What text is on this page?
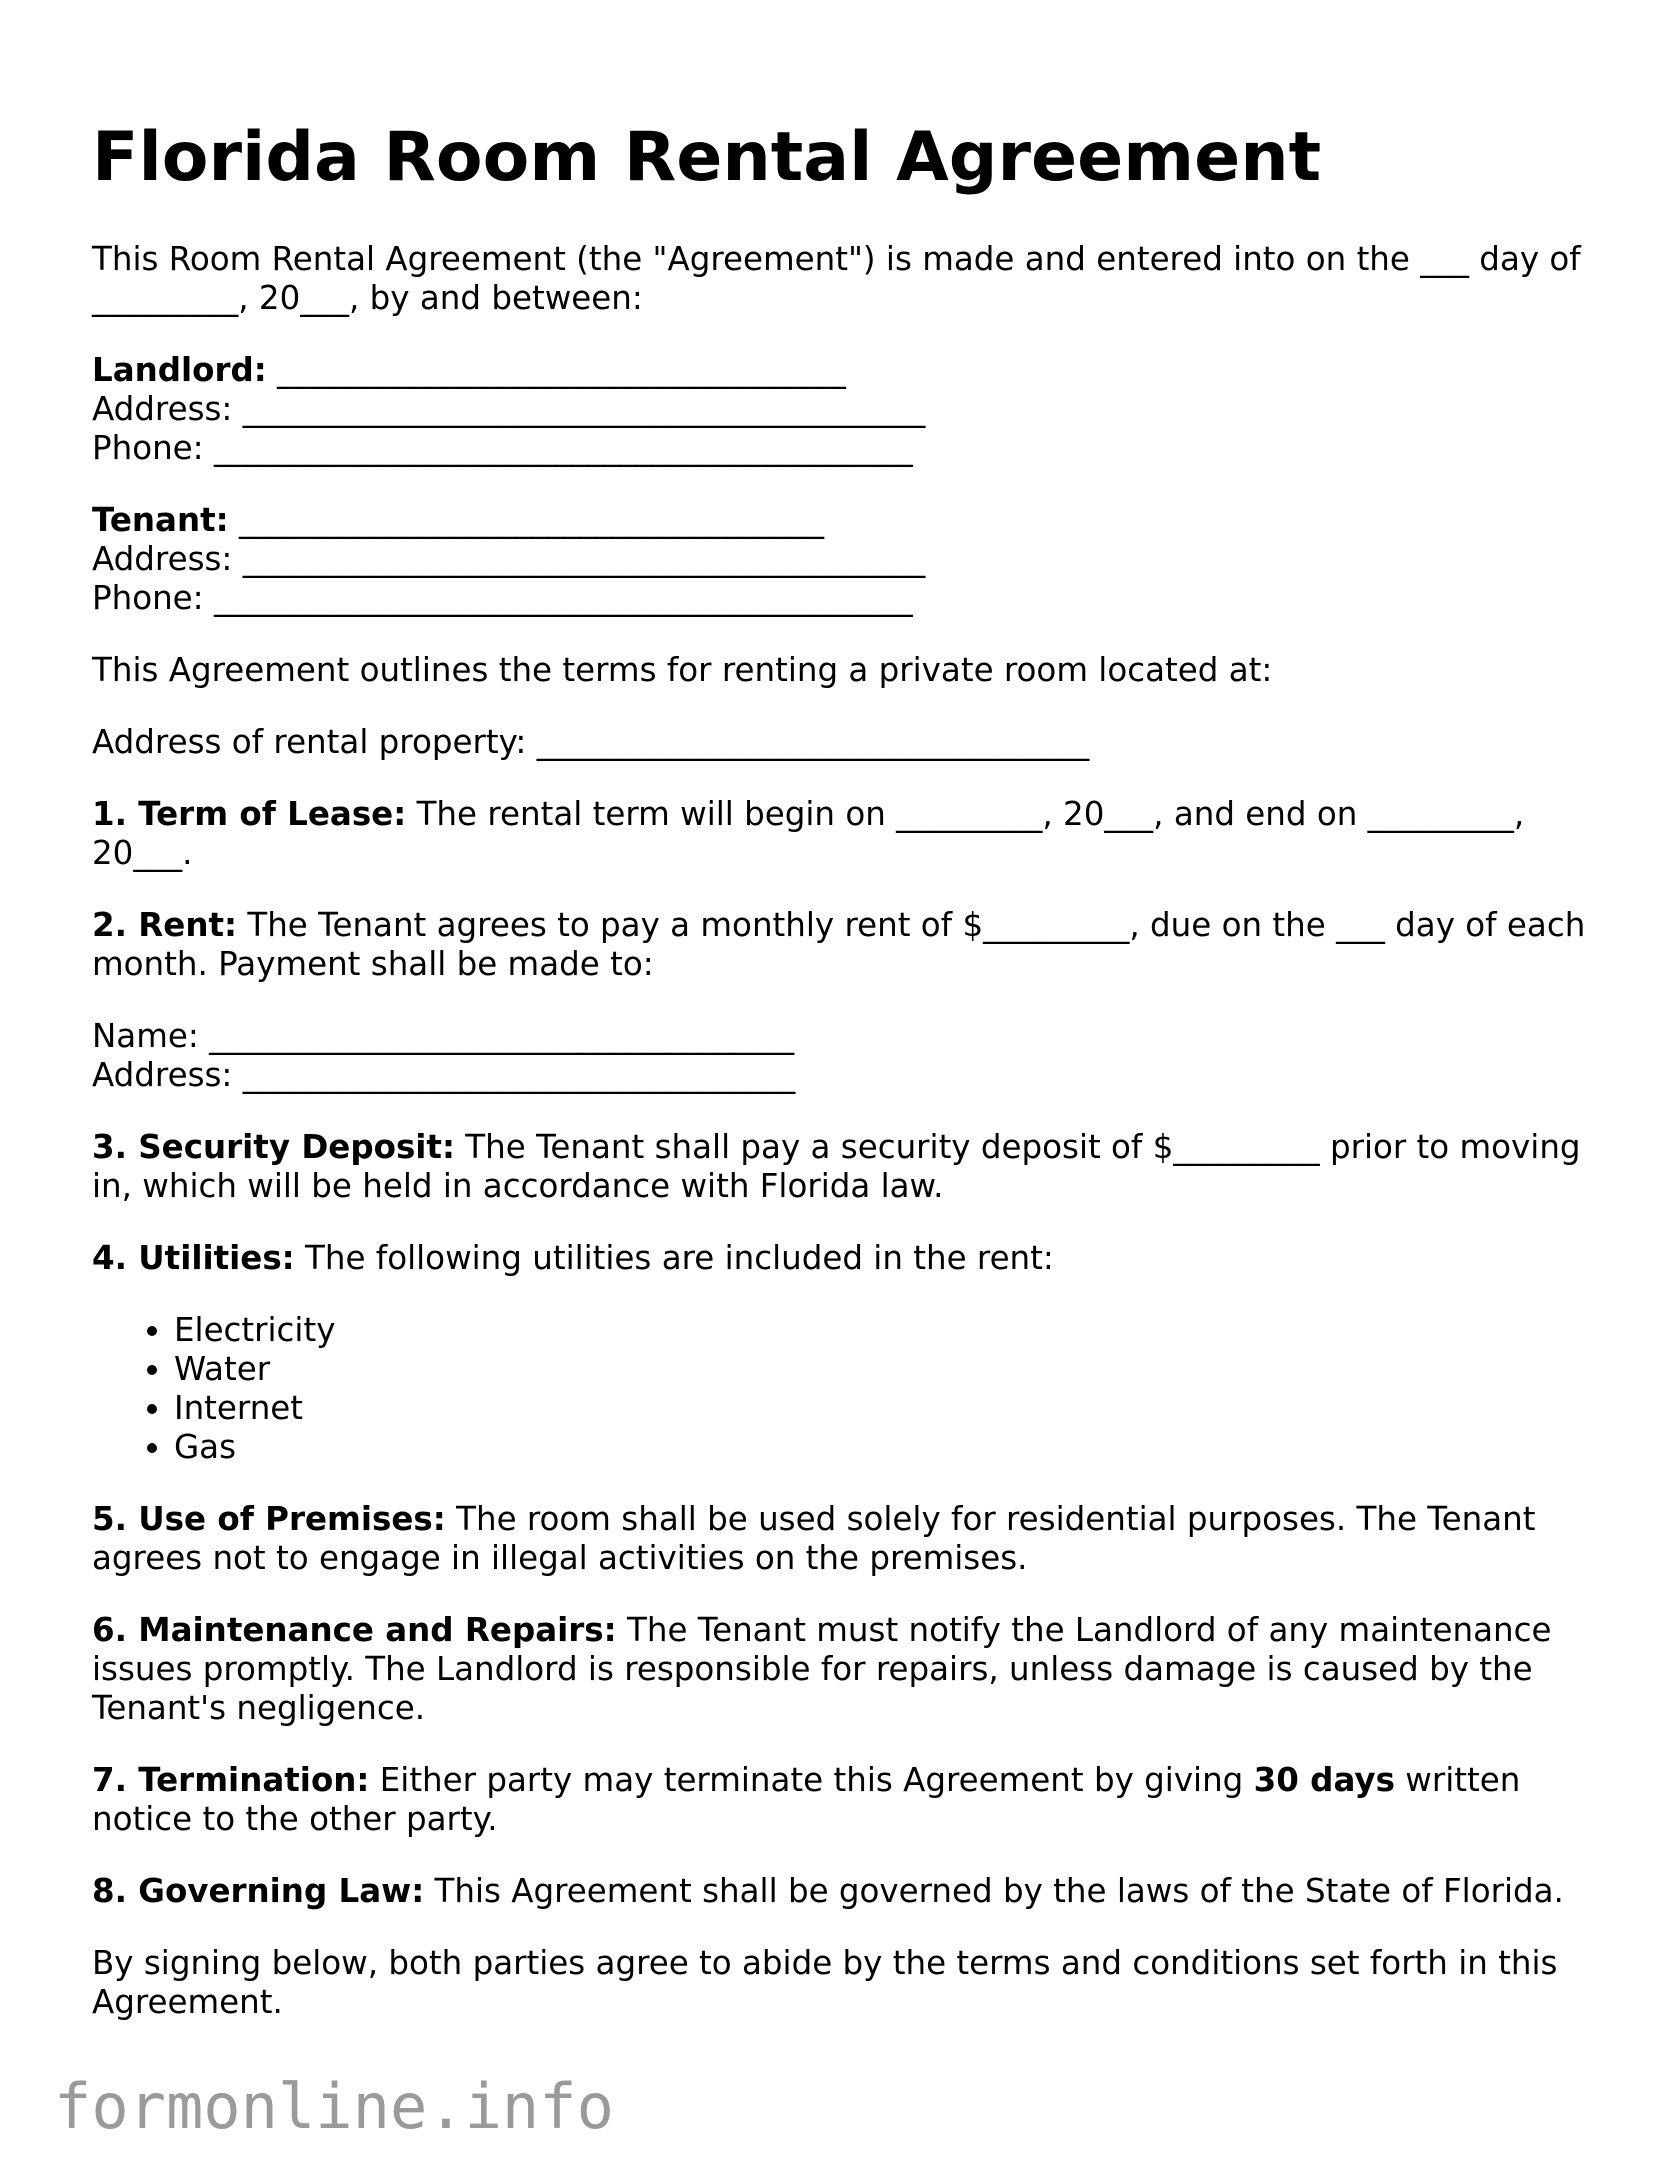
Florida Room Rental Agreement

This Room Rental Agreement (the "Agreement") is made and entered into on the ___ day of _________, 20___, by and between:

Landlord: ___________________________________
Address: __________________________________________
Phone: ___________________________________________
Tenant: ____________________________________
Address: __________________________________________
Phone: ___________________________________________

This Agreement outlines the terms for renting a private room located at:

Address of rental property: __________________________________

1. Term of Lease: The rental term will begin on _________, 20___, and end on _________, 20___.

2. Rent: The Tenant agrees to pay a monthly rent of $_________, due on the ___ day of each month. Payment shall be made to:

Name: ____________________________________
Address: __________________________________

3. Security Deposit: The Tenant shall pay a security deposit of $_________ prior to moving in, which will be held in accordance with Florida law.

4. Utilities: The following utilities are included in the rent:

• Electricity
• Water
• Internet
• Gas

5. Use of Premises: The room shall be used solely for residential purposes. The Tenant agrees not to engage in illegal activities on the premises.

6. Maintenance and Repairs: The Tenant must notify the Landlord of any maintenance issues promptly. The Landlord is responsible for repairs, unless damage is caused by the Tenant's negligence.

7. Termination: Either party may terminate this Agreement by giving 30 days written notice to the other party.

8. Governing Law: This Agreement shall be governed by the laws of the State of Florida.

By signing below, both parties agree to abide by the terms and conditions set forth in this Agreement.

formonline.info
